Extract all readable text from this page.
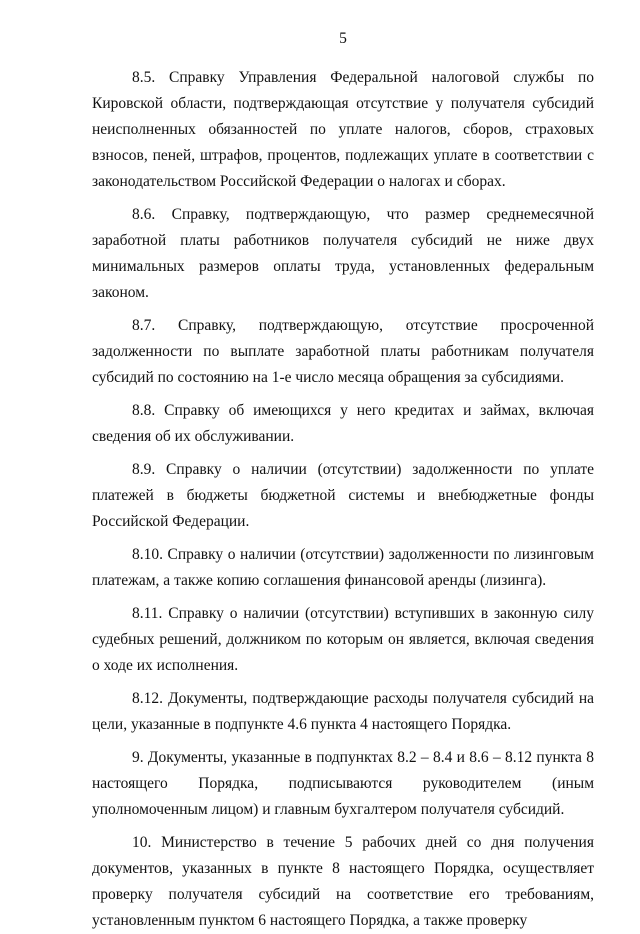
5

8.5. Справку Управления Федеральной налоговой службы по Кировской области, подтверждающая отсутствие у получателя субсидий неисполненных обязанностей по уплате налогов, сборов, страховых взносов, пеней, штрафов, процентов, подлежащих уплате в соответствии с законодательством Российской Федерации о налогах и сборах.

8.6. Справку, подтверждающую, что размер среднемесячной заработной платы работников получателя субсидий не ниже двух минимальных размеров оплаты труда, установленных федеральным законом.

8.7. Справку, подтверждающую, отсутствие просроченной задолженности по выплате заработной платы работникам получателя субсидий по состоянию на 1-е число месяца обращения за субсидиями.

8.8. Справку об имеющихся у него кредитах и займах, включая сведения об их обслуживании.

8.9. Справку о наличии (отсутствии) задолженности по уплате платежей в бюджеты бюджетной системы и внебюджетные фонды Российской Федерации.

8.10. Справку о наличии (отсутствии) задолженности по лизинговым платежам, а также копию соглашения финансовой аренды (лизинга).

8.11. Справку о наличии (отсутствии) вступивших в законную силу судебных решений, должником по которым он является, включая сведения о ходе их исполнения.

8.12. Документы, подтверждающие расходы получателя субсидий на цели, указанные в подпункте 4.6 пункта 4 настоящего Порядка.

9. Документы, указанные в подпунктах 8.2 – 8.4 и 8.6 – 8.12 пункта 8 настоящего Порядка, подписываются руководителем (иным уполномоченным лицом) и главным бухгалтером получателя субсидий.

10. Министерство в течение 5 рабочих дней со дня получения документов, указанных в пункте 8 настоящего Порядка, осуществляет проверку получателя субсидий на соответствие его требованиям, установленным пунктом 6 настоящего Порядка, а также проверку
